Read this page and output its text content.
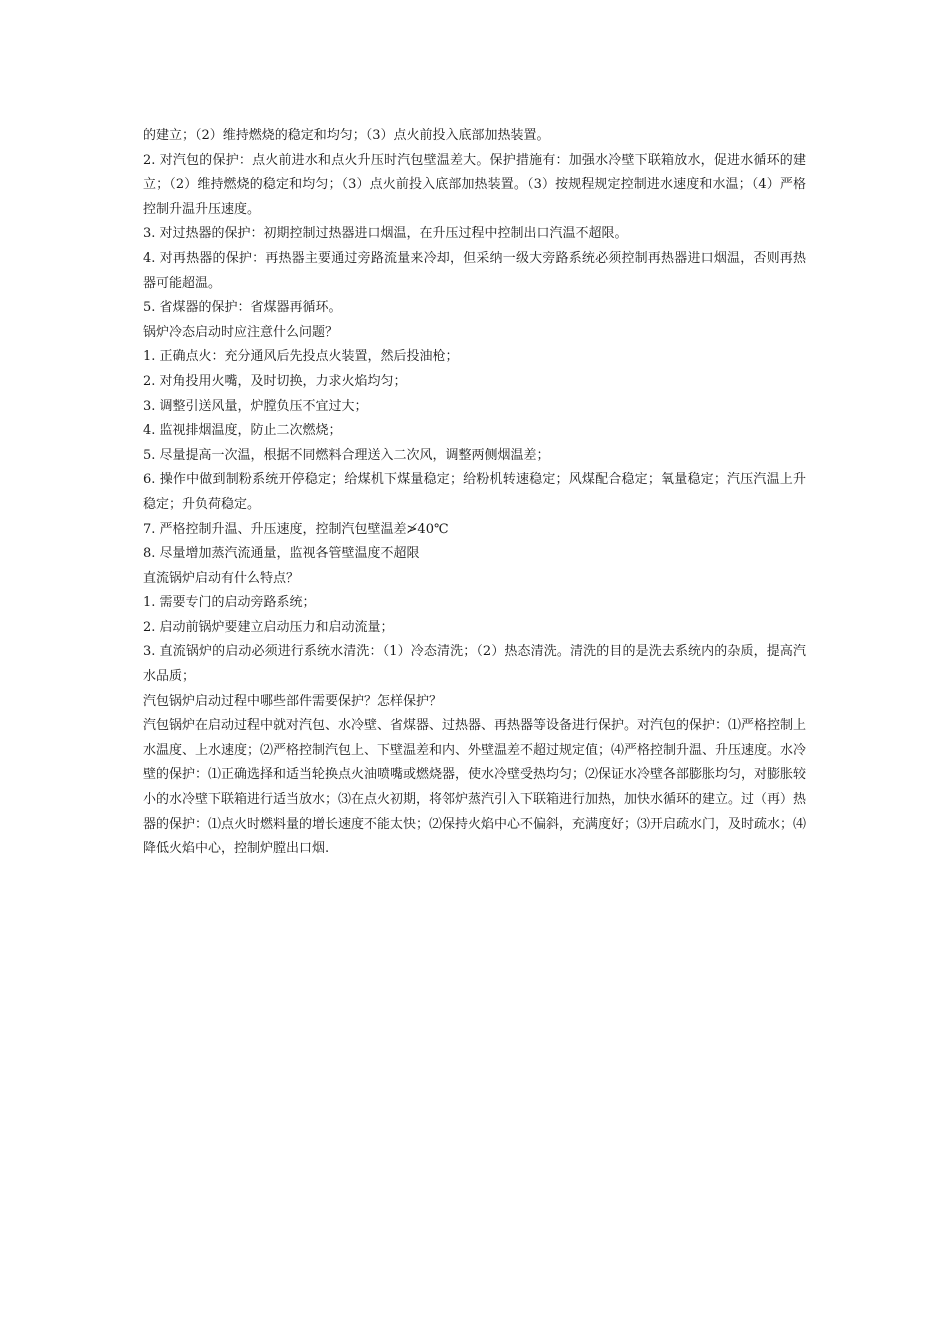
的建立；（2）维持燃烧的稳定和均匀；（3）点火前投入底部加热装置。

2. 对汽包的保护：点火前进水和点火升压时汽包壁温差大。保护措施有：加强水冷壁下联箱放水，促进水循环的建立；（2）维持燃烧的稳定和均匀；（3）点火前投入底部加热装置。（3）按规程规定控制进水速度和水温；（4）严格控制升温升压速度。

3. 对过热器的保护：初期控制过热器进口烟温，在升压过程中控制出口汽温不超限。

4. 对再热器的保护：再热器主要通过旁路流量来冷却，但采纳一级大旁路系统必须控制再热器进口烟温，否则再热器可能超温。

5. 省煤器的保护：省煤器再循环。

锅炉冷态启动时应注意什么问题？

1. 正确点火：充分通风后先投点火装置，然后投油枪；

2. 对角投用火嘴，及时切换，力求火焰均匀；

3. 调整引送风量，炉膛负压不宜过大；

4. 监视排烟温度，防止二次燃烧；

5. 尽量提高一次温，根据不同燃料合理送入二次风，调整两侧烟温差；

6. 操作中做到制粉系统开停稳定；给煤机下煤量稳定；给粉机转速稳定；风煤配合稳定；氧量稳定；汽压汽温上升稳定；升负荷稳定。

7. 严格控制升温、升压速度，控制汽包壁温差≯40℃

8. 尽量增加蒸汽流通量，监视各管壁温度不超限

直流锅炉启动有什么特点？

1. 需要专门的启动旁路系统；

2. 启动前锅炉要建立启动压力和启动流量；

3. 直流锅炉的启动必须进行系统水清洗：（1）冷态清洗；（2）热态清洗。清洗的目的是洗去系统内的杂质，提高汽水品质；

汽包锅炉启动过程中哪些部件需要保护？怎样保护？

汽包锅炉在启动过程中就对汽包、水冷壁、省煤器、过热器、再热器等设备进行保护。对汽包的保护：⑴严格控制上水温度、上水速度；⑵严格控制汽包上、下壁温差和内、外壁温差不超过规定值；⑷严格控制升温、升压速度。水冷壁的保护：⑴正确选择和适当轮换点火油喷嘴或燃烧器，使水冷壁受热均匀；⑵保证水冷壁各部膨胀均匀，对膨胀较小的水冷壁下联箱进行适当放水；⑶在点火初期，将邻炉蒸汽引入下联箱进行加热，加快水循环的建立。过（再）热器的保护：⑴点火时燃料量的增长速度不能太快；⑵保持火焰中心不偏斜，充满度好；⑶开启疏水门，及时疏水；⑷降低火焰中心，控制炉膛出口烟.
